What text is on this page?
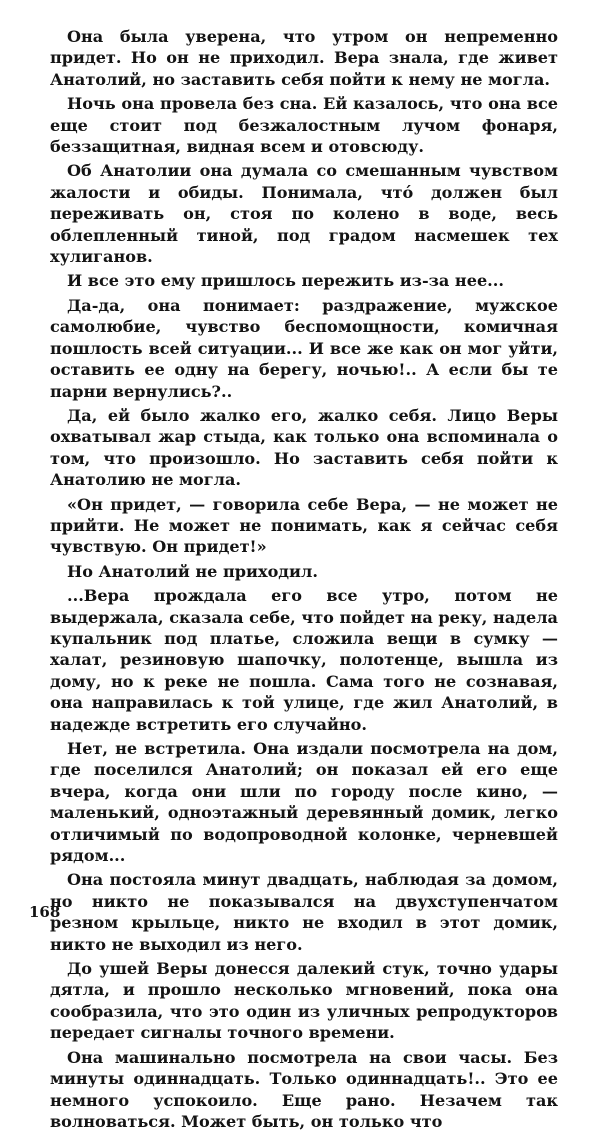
Она была уверена, что утром он непременно придет. Но он не приходил. Вера знала, где живет Анатолий, но заставить себя пойти к нему не могла.

Ночь она провела без сна. Ей казалось, что она все еще стоит под безжалостным лучом фонаря, беззащитная, видная всем и отовсюду.

Об Анатолии она думала со смешанным чувством жалости и обиды. Понимала, что́ должен был переживать он, стоя по колено в воде, весь облепленный тиной, под градом насмешек тех хулиганов.

И все это ему пришлось пережить из-за нее...

Да-да, она понимает: раздражение, мужское самолюбие, чувство беспомощности, комичная пошлость всей ситуации... И все же как он мог уйти, оставить ее одну на берегу, ночью!.. А если бы те парни вернулись?..

Да, ей было жалко его, жалко себя. Лицо Веры охватывал жар стыда, как только она вспоминала о том, что произошло. Но заставить себя пойти к Анатолию не могла.

«Он придет, — говорила себе Вера, — не может не прийти. Не может не понимать, как я сейчас себя чувствую. Он придет!»

Но Анатолий не приходил.

...Вера прождала его все утро, потом не выдержала, сказала себе, что пойдет на реку, надела купальник под платье, сложила вещи в сумку — халат, резиновую шапочку, полотенце, вышла из дому, но к реке не пошла. Сама того не сознавая, она направилась к той улице, где жил Анатолий, в надежде встретить его случайно.

Нет, не встретила. Она издали посмотрела на дом, где поселился Анатолий; он показал ей его еще вчера, когда они шли по городу после кино, — маленький, одноэтажный деревянный домик, легко отличимый по водопроводной колонке, черневшей рядом...

Она постояла минут двадцать, наблюдая за домом, но никто не показывался на двухступенчатом резном крыльце, никто не входил в этот домик, никто не выходил из него.

До ушей Веры донесся далекий стук, точно удары дятла, и прошло несколько мгновений, пока она сообразила, что это один из уличных репродукторов передает сигналы точного времени.

Она машинально посмотрела на свои часы. Без минуты одиннадцать. Только одиннадцать!.. Это ее немного успокоило. Еще рано. Незачем так волноваться. Может быть, он только что

168
